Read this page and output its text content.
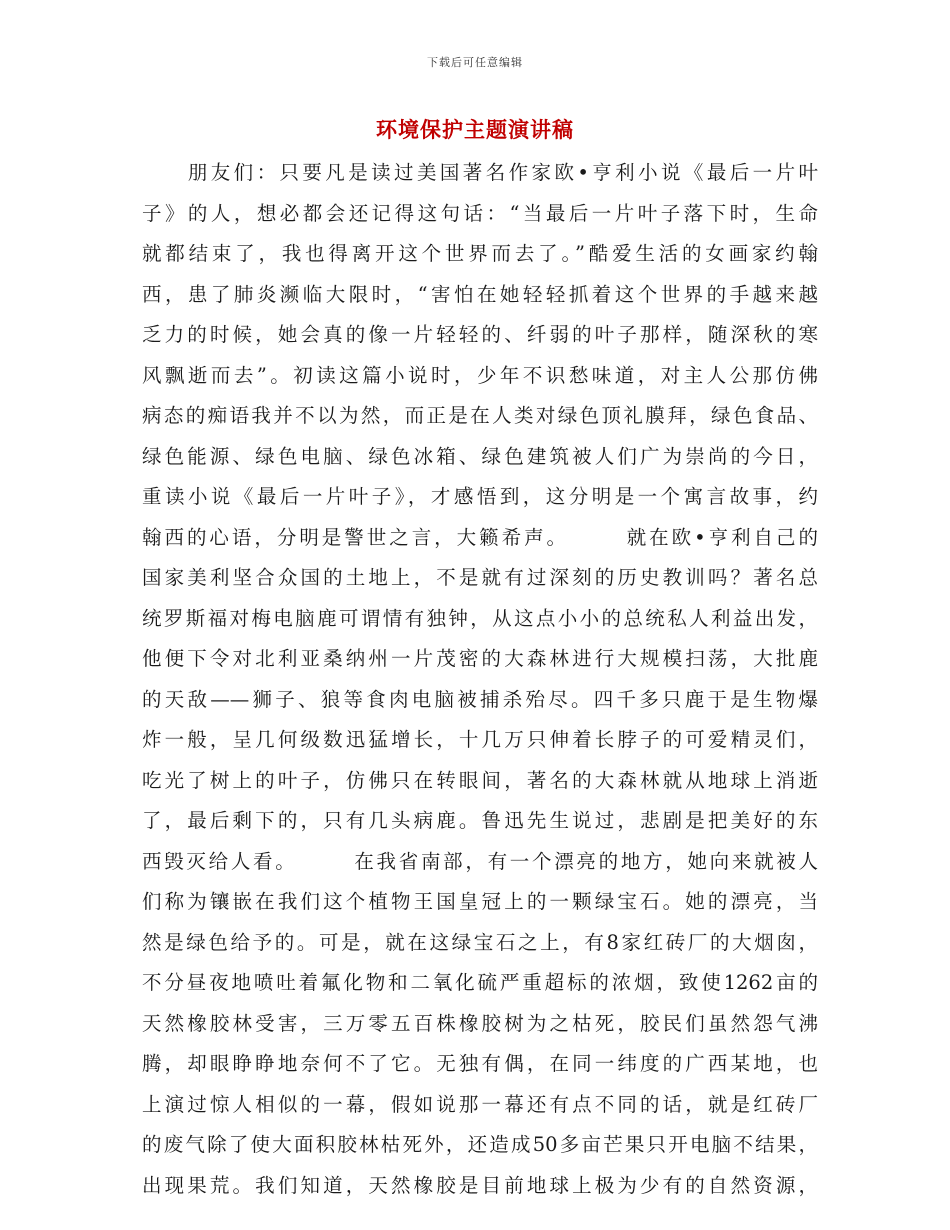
下载后可任意编辑
环境保护主题演讲稿
　　朋友们：只要凡是读过美国著名作家欧•亨利小说《最后一片叶
子》的人，想必都会还记得这句话：“当最后一片叶子落下时，生命
就都结束了，我也得离开这个世界而去了。”酷爱生活的女画家约翰
西，患了肺炎濒临大限时，“害怕在她轻轻抓着这个世界的手越来越
乏力的时候，她会真的像一片轻轻的、纤弱的叶子那样，随深秋的寒
风飘逝而去”。初读这篇小说时，少年不识愁味道，对主人公那仿佛
病态的痴语我并不以为然，而正是在人类对绿色顶礼膜拜，绿色食品、
绿色能源、绿色电脑、绿色冰箱、绿色建筑被人们广为崇尚的今日，
重读小说《最后一片叶子》，才感悟到，这分明是一个寓言故事，约
翰西的心语，分明是警世之言，大籁希声。　　　就在欧•亨利自己的
国家美利坚合众国的土地上，不是就有过深刻的历史教训吗？著名总
统罗斯福对梅电脑鹿可谓情有独钟，从这点小小的总统私人利益出发，
他便下令对北利亚桑纳州一片茂密的大森林进行大规模扫荡，大批鹿
的天敌——狮子、狼等食肉电脑被捕杀殆尽。四千多只鹿于是生物爆
炸一般，呈几何级数迅猛增长，十几万只伸着长脖子的可爱精灵们，
吃光了树上的叶子，仿佛只在转眼间，著名的大森林就从地球上消逝
了，最后剩下的，只有几头病鹿。鲁迅先生说过，悲剧是把美好的东
西毁灭给人看。　　　在我省南部，有一个漂亮的地方，她向来就被人
们称为镶嵌在我们这个植物王国皇冠上的一颗绿宝石。她的漂亮，当
然是绿色给予的。可是，就在这绿宝石之上，有8家红砖厂的大烟囱，
不分昼夜地喷吐着氟化物和二氧化硫严重超标的浓烟，致使1262亩的
天然橡胶林受害，三万零五百株橡胶树为之枯死，胶民们虽然怨气沸
腾，却眼睁睁地奈何不了它。无独有偶，在同一纬度的广西某地，也
上演过惊人相似的一幕，假如说那一幕还有点不同的话，就是红砖厂
的废气除了使大面积胶林枯死外，还造成50多亩芒果只开电脑不结果，
出现果荒。我们知道，天然橡胶是目前地球上极为少有的自然资源，
